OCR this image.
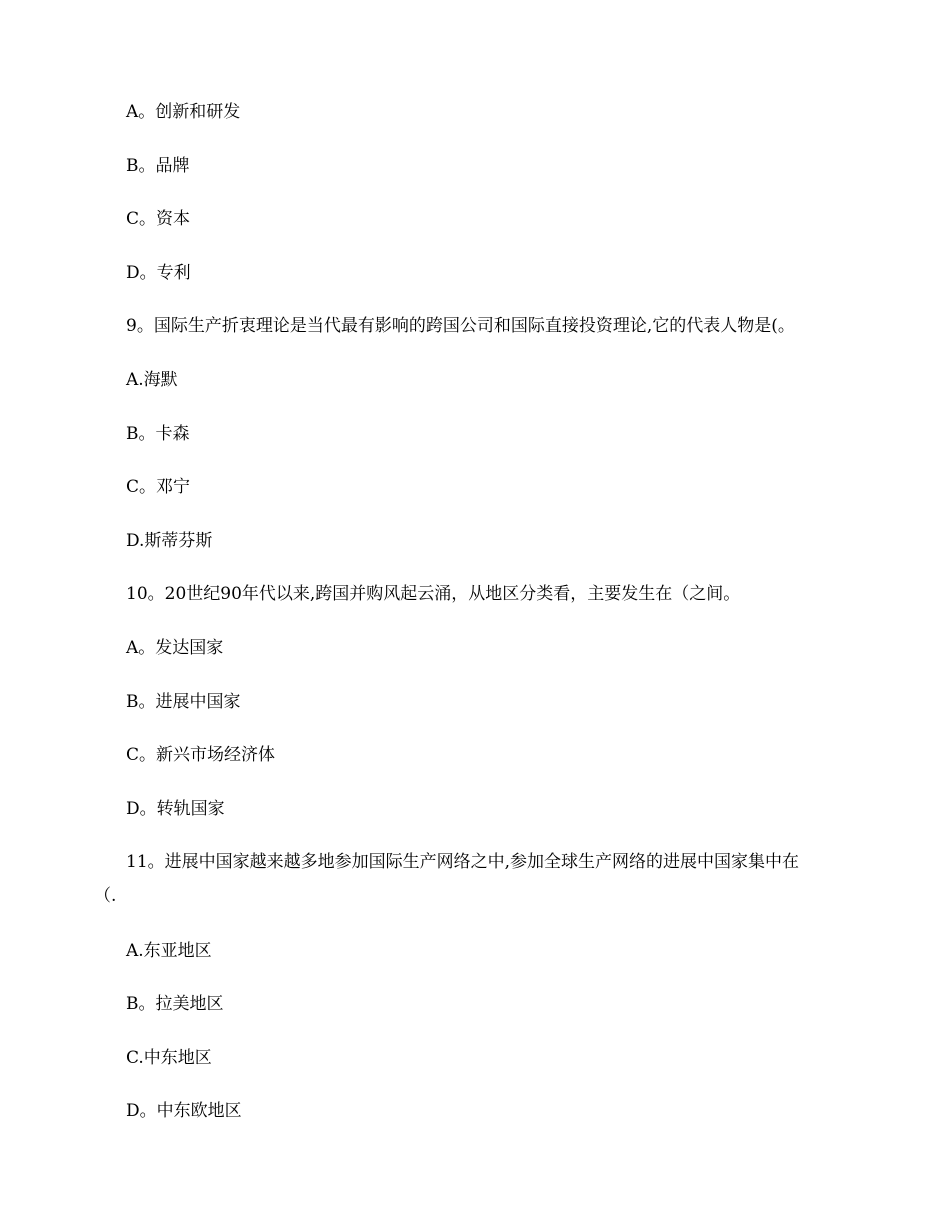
A。创新和研发
B。品牌
C。资本
D。专利
9。国际生产折衷理论是当代最有影响的跨国公司和国际直接投资理论,它的代表人物是(。
A.海默
B。卡森
C。邓宁
D.斯蒂芬斯
10。20世纪90年代以来,跨国并购风起云涌，从地区分类看，主要发生在（之间。
A。发达国家
B。进展中国家
C。新兴市场经济体
D。转轨国家
11。进展中国家越来越多地参加国际生产网络之中,参加全球生产网络的进展中国家集中在
（.
A.东亚地区
B。拉美地区
C.中东地区
D。中东欧地区
